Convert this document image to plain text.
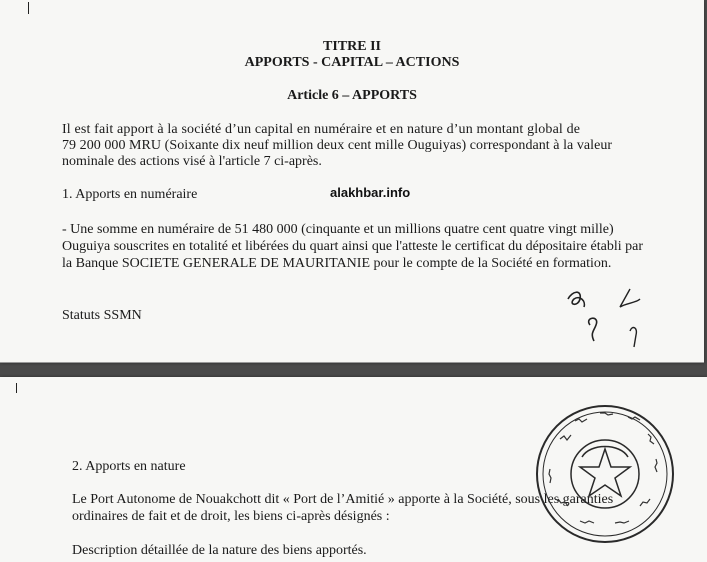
TITRE II
APPORTS - CAPITAL – ACTIONS
Article 6 – APPORTS
Il est fait apport à la société d’un capital en numéraire et en nature d’un montant global de
79 200 000 MRU (Soixante dix neuf million deux cent mille Ouguiyas) correspondant à la valeur
nominale des actions visé à l'article 7 ci-après.
1. Apports en numéraire	alakhbar.info
- Une somme en numéraire de 51 480 000 (cinquante et un millions quatre cent quatre vingt mille)
Ouguiya souscrites en totalité et libérées du quart ainsi que l'atteste le certificat du dépositaire établi par
la Banque SOCIETE GENERALE DE MAURITANIE pour le compte de la Société en formation.
Statuts SSMN
2. Apports en nature
Le Port Autonome de Nouakchott dit « Port de l’Amitié » apporte à la Société, sous les garanties
ordinaires de fait et de droit, les biens ci-après désignés :
Description détaillée de la nature des biens apportés.
